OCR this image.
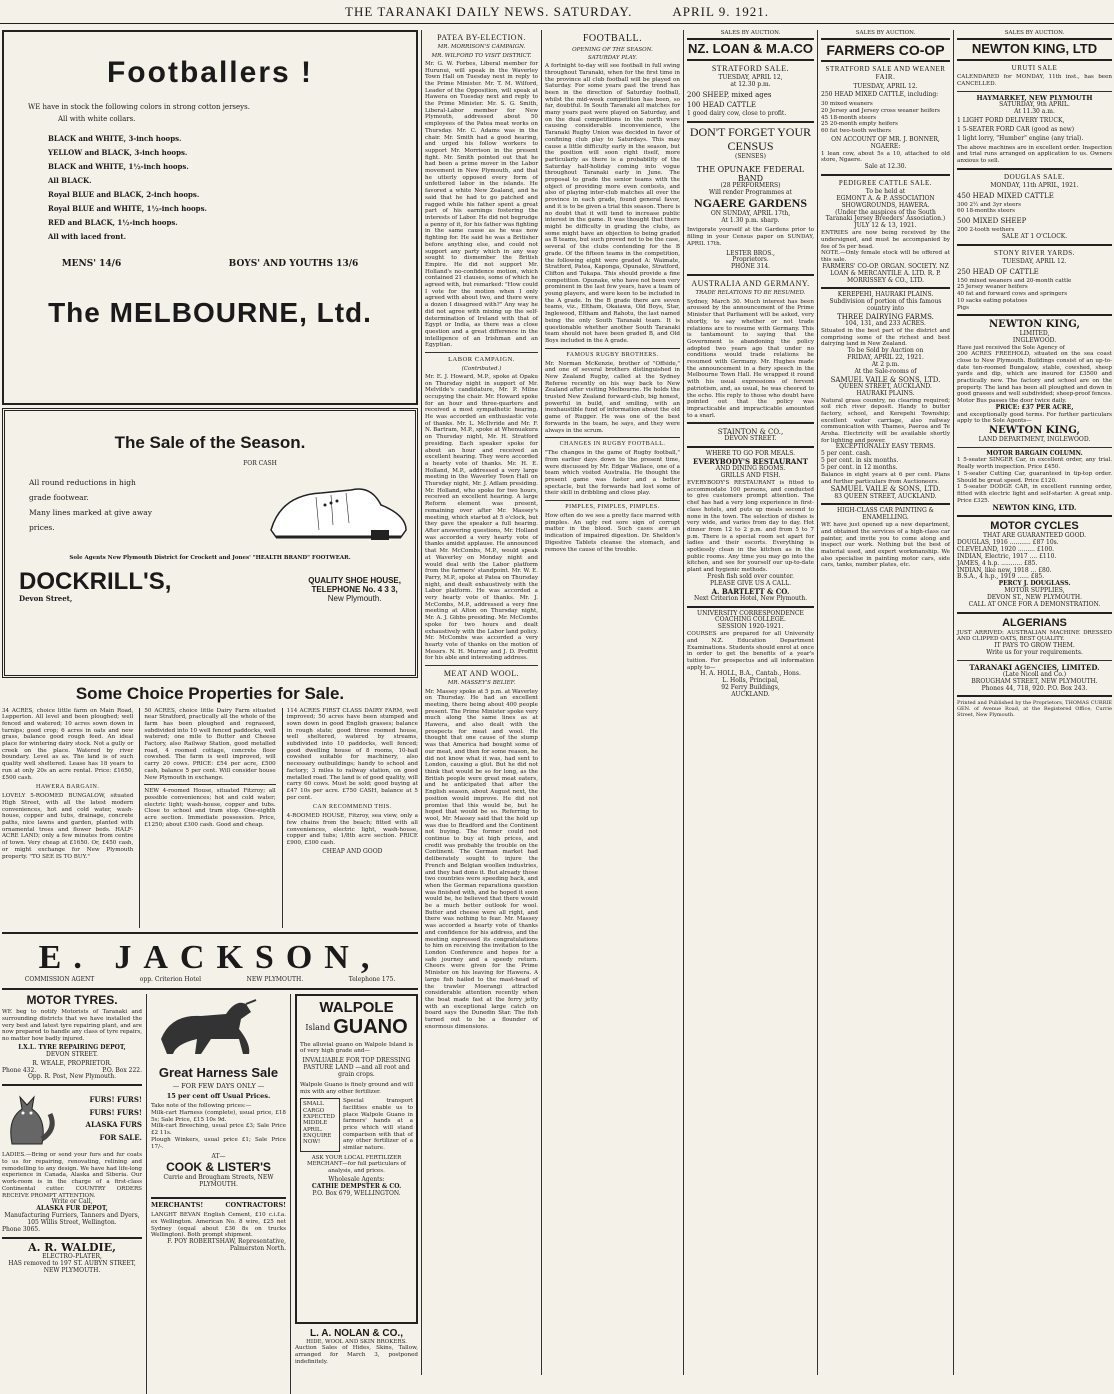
THE TARANAKI DAILY NEWS. SATURDAY.	APRIL 9. 1921.
Footballers !
WE have in stock the following colors in strong cotton jerseys.
All with white collars.
BLACK and WHITE, 3-inch hoops.
YELLOW and BLACK, 3-inch hoops.
BLACK and WHITE, 1½-inch hoops.
All BLACK.
Royal BLUE and BLACK, 2-inch hoops.
Royal BLUE and WHITE, 1½-inch hoops.
RED and BLACK, 1½-inch hoops.
All with laced front.
MENS' 14/6	BOYS' AND YOUTHS 13/6
The MELBOURNE, Ltd.
The Sale of the Season.
FOR CASH
All round reductions in high
grade footwear.
Many lines marked at give away
prices.
Sole Agents New Plymouth District for Crockett and Jones' "HEALTH BRAND" FOOTWEAR.
DOCKRILL'S,
Devon Street,
QUALITY SHOE HOUSE,
TELEPHONE No. 4 3 3,
New Plymouth.
Some Choice Properties for Sale.
34 ACRES, choice little farm on Main Road, Lepperton. All level and been ploughed; well fenced and watered; 10 acres sown down in turnips; good crop; 6 acres in oats and new grass, balance good rough feed. An ideal place for wintering dairy stock. Not a gully or creek on the place. Watered by river boundary. Level as as. The land is of such quality well sheltered. Lease has 18 years to run at only 20s an acre rental. Price: £1650, £500 cash.
HAWERA BARGAIN.
LOVELY 5-ROOMED BUNGALOW, situated High Street, with all the latest modern conveniences, hot and cold water, wash-house, copper and tubs, drainage, concrete paths, nice lawns and garden, planted with ornamental trees and flower beds. HALF-ACRE LAND; only a few minutes from centre of town. Very cheap at £1650. Or, £450 cash, or might exchange for New Plymouth property. "TO SEE IS TO BUY."
50 ACRES, choice little Dairy Farm situated near Stratford, practically all the whole of the farm has been ploughed and regrassed, subdivided into 10 well fenced paddocks, well watered; one mile to Butter and Cheese Factory, also Railway Station, good metalled road, 4 roomed cottage, concrete floor cowshed. The farm is well improved, will carry 20 cows. PRICE: £54 per acre, £500 cash, balance 5 per cent. Will consider house New Plymouth in exchange.
NEW 4-roomed House, situated Fitzroy; all possible conveniences; hot and cold water; electric light; wash-house, copper and tubs. Close to school and tram stop. One-eighth acre section. Immediate possession. Price, £1250; about £300 cash. Good and cheap.
114 ACRES FIRST CLASS DAIRY FARM, well improved; 50 acres have been stumped and sown down in good English grasses; balance in rough state; good three roomed house, well sheltered, watered by streams, subdivided into 10 paddocks, well fenced; good dwelling house of 8 rooms, 10-bail cowshed suitable for machinery, also necessary outbuildings; handy to school and factory; 3 miles to railway station, on good metalled road. The land is of good quality, will carry 60 cows. Must be sold; good buying at £47 10s per acre. £750 CASH, balance at 5 per cent.
CAN RECOMMEND THIS.
4-ROOMED HOUSE, Fitzroy, sea view, only a few chains from the beach; fitted with all conveniences, electric light, wash-house, copper and tubs; 1/8th acre section. PRICE £900, £300 cash.
CHEAP AND GOOD
E. JACKSON,
COMMISSION AGENT	opp. Criterion Hotel	NEW PLYMOUTH.	Telephone 175.
MOTOR TYRES.
WE beg to notify Motorists of Taranaki and surrounding districts that we have installed the very best and latest tyre repairing plant, and are now prepared to handle any class of tyre repairs, no matter how badly injured.
I.X.L. TYRE REPAIRING DEPOT,
DEVON STREET.
R. WEALE, PROPRIETOR.
Phone 432.	P.O. Box 222.
Opp. R. Post, New Plymouth.
FURS! FURS!
FURS! FURS!
ALASKA FURS
FOR SALE.
LADIES.—Bring or send your furs and fur coats to us for repairing, renovating, relining and remodelling to any design. We have had life-long experience in Canada, Alaska and Siberia. Our work-room is in the charge of a first-class Continental cutter. COUNTRY ORDERS RECEIVE PROMPT ATTENTION.
Write or Call,
ALASKA FUR DEPOT,
Manufacturing Furriers, Tanners and Dyers,
105 Willis Street, Wellington.
Phone 3065.
A. R. WALDIE,
ELECTRO-PLATER,
HAS removed to 197 ST. AUBYN STREET, NEW PLYMOUTH.
Great Harness Sale
— FOR FEW DAYS ONLY —
15 per cent off Usual Prices.
Take note of the following prices:—
Milk-cart Harness (complete), usual price, £18 5s; Sale Price, £15 10s 9d.
Milk-cart Breeching, usual price £3; Sale Price £2 11s.
Plough Winkers, usual price £1; Sale Price 17/-.
AT—
COOK & LISTER'S
Currie and Brougham Streets, NEW PLYMOUTH.
MERCHANTS!	CONTRACTORS!
LANGHT BEVAN English Cement, £10 c.i.f.a. ex Wellington. American No. 8 wire, £25 net Sydney (equal about £36 8s on trucks Wellington). Both prompt shipment.
F. POY ROBERTSHAW, Representative, Palmerston North.
WALPOLE
Island GUANO
The alluvial guano on Walpole Island is of very high grade and—
INVALUABLE FOR TOP DRESSING PASTURE LAND —and all root and grain crops.
Walpole Guano is finely ground and will mix with any other fertilizer.
SMALL CARGO EXPECTED MIDDLE APRIL. ENQUIRE NOW!
Special transport facilities enable us to place Walpole Guano in farmers' hands at a price which will stand comparison with that of any other fertilizer of a similar nature.
ASK YOUR LOCAL FERTILIZER MERCHANT—for full particulars of analysis, and prices.
Wholesale Agents:
CATHIE DEMPSTER & CO.
P.O. Box 679, WELLINGTON.
L. A. NOLAN & CO.,
HIDE, WOOL AND SKIN BROKERS.
Auction Sales of Hides, Skins, Tallow, arranged for March 3, postponed indefinitely.
PATEA BY-ELECTION.
MR. MORRISON'S CAMPAIGN.
MR. WILFORD TO VISIT DISTRICT.
Mr. G. W. Forbes, Liberal member for Hurunui, will speak in the Waverley Town Hall on Tuesday next in reply to the Prime Minister. Mr. T. M. Wilford, Leader of the Opposition, will speak at Hawera on Tuesday next and reply to the Prime Minister. Mr. S. G. Smith, Liberal-Labor member for New Plymouth, addressed about 50 employees of the Patea meat works on Thursday. Mr. C. Adams was in the chair. Mr. Smith had a good hearing, and urged his follow workers to support Mr. Morrison in the present fight. Mr. Smith pointed out that he had been a prime mover in the Labor movement in New Plymouth, and that he utterly opposed every form of unfettered labor in the islands. He favored a white New Zealand, and he said that he had to go patched and ragged while his father spent a great part of his earnings fostering the interests of Labor. He did not begrudge a penny of it, for his father was fighting in the same cause as he was now fighting for. He said he was a Britisher before anything else, and could not support any party which in any way sought to dismember the British Empire. He did not support Mr. Holland's no-confidence motion, which contained 21 clauses, some of which he agreed with, but remarked: "How could I vote for the motion when I only agreed with about two, and there were a dozen I disagreed with?" Any way he did not agree with mixing up the self-determination of Ireland with that of Egypt or India, as there was a close question and a great difference in the intelligence of an Irishman and an Egyptian.
LABOR CAMPAIGN.
(Contributed.)
Mr. E. J. Howard, M.P., spoke at Opaku on Thursday night in support of Mr. Melvilde's candidature, Mr. P. Milne occupying the chair. Mr. Howard spoke for an hour and three-quarters and received a most sympathetic hearing. He was accorded an enthusiastic vote of thanks. Mr. L. McIlvride and Mr. F. N. Bartram, M.P., spoke at Whenuakura on Thursday night, Mr. H. Stratford presiding. Each speaker spoke for about an hour and received an excellent hearing. They were accorded a hearty vote of thanks. Mr. H. E. Holland, M.P., addressed a very large meeting in the Waverley Town Hall on Thursday night, Mr. J. Adlam presiding. Mr. Holland, who spoke for two hours, received an excellent hearing. A large Reform element was present, remaining over after Mr. Massey's meeting, which started at 5 o'clock, but they gave the speaker a full hearing. After answering questions, Mr. Holland was accorded a very hearty vote of thanks amidst applause. He announced that Mr. McCombs, M.P., would speak at Waverley on Monday night and would deal with the Labor platform from the farmers' standpoint. Mr. W. E. Parry, M.P., spoke at Patea on Thursday night, and dealt exhaustively with the Labor platform. He was accorded a very hearty vote of thanks. Mr. J. McCombs, M.P., addressed a very fine meeting at Alton on Thursday night, Mr. A. J. Gibbs presiding. Mr. McCombs spoke for two hours and dealt exhaustively with the Labor land policy. Mr. McCombs was accorded a very hearty vote of thanks on the motion of Messrs. N. H. Murray and J. D. Proffitt for his able and interesting address.
MEAT AND WOOL.
MR. MASSEY'S BELIEF.
Mr. Massey spoke at 5 p.m. at Waverley on Thursday. He had an excellent meeting, there being about 400 people present. The Prime Minister spoke very much along the same lines as at Hawera, and also dealt with the prospects for meat and wool. He thought that one cause of the slump was that America had bought some of our meat, and then for some reason, he did not know what it was, had sent to London, causing a glut. But he did not think that would be so for long, as the British people were great meat eaters, and he anticipated that after the English season, about August next, the position would improve. He did not promise that this would be, but he hoped that would be so. Referring to wool, Mr. Massey said that the hold up was due to Bradford and the Continent not buying. The former could not continue to buy at high prices, and credit was probably the trouble on the Continent. The German market had deliberately sought to injure the French and Belgian woollen industries, and they had done it. But already those two countries were speeding back, and when the German reparations question was finished with, and he hoped it soon would be, he believed that there would be a much better outlook for wool. Butter and cheese were all right, and there was nothing to fear. Mr. Massey was accorded a hearty vote of thanks and confidence for his address, and the meeting expressed its congratulations to him on receiving the invitation to the London Conference and hopes for a safe journey and a speedy return. Cheers were given for the Prime Minister on his leaving for Hawera. A large fish hailed to the mast-head of the trawler Moerangi attracted considerable attention recently when the boat made fast at the ferry jetty with an exceptional large catch on board says the Dunedin Star. The fish turned out to be a flounder of enormous dimensions.
FOOTBALL.
OPENING OF THE SEASON.
SATURDAY PLAY.
A fortnight to-day will see football in full swing throughout Taranaki, when for the first time in the province all club football will be played on Saturday. For some years past the trend has been in the direction of Saturday football, whilst the mid-week competition has been, so far, doubtful. In South Taranaki all matches for many years past were played on Saturday, and on the dual competitions in the north were causing considerable inconvenience, the Taranaki Rugby Union was decided in favor of confining club play to Saturdays. This may cause a little difficulty early in the season, but the position will soon right itself, more particularly as there is a probability of the Saturday half-holiday coming into vogue throughout Taranaki early in June. The proposal to grade the senior teams with the object of providing more even contests, and also of playing inter-club matches all over the province in each grade, found general favor, and it is to be given a trial this season. There is no doubt that it will tend to increase public interest in the game. It was thought that there might be difficulty in grading the clubs, as some might have an objection to being graded as B teams, but such proved not to be the case, several of the clubs contending for the B grade. Of the fifteen teams in the competition, the following eight were graded A: Waimate, Stratford, Patea, Kaponga, Opunake, Stratford, Clifton and Tukapa. This should provide a fine competition. Opunake, who have not been very prominent in the last few years, have a team of young players, and were keen to be included in the A grade. In the B grade there are seven teams, viz., Eltham, Okaiawa, Old Boys, Star, Inglewood, Eltham and Rahotu, the last named being the only South Taranaki team. It is questionable whether another South Taranaki team should not have been graded B, and Old Boys included in the A grade.
FAMOUS RUGBY BROTHERS.
Mr. Norman McKenzie, brother of "Offside," and one of several brothers distinguished in New Zealand Rugby, called at the Sydney Referee recently on his way back to New Zealand after visiting Melbourne. He holds the trusted New Zealand forward-club, big honest, powerful in build, and smiling, with an inexhaustible fund of information about the old game of Rugger. He was one of the best forwards in the team, he says, and they were always in the scrum.
CHANGES IN RUGBY FOOTBALL.
"The changes in the game of Rugby football," from earlier days down to the present time, were discussed by Mr. Edgar Wallace, one of a team which visited Australia. He thought the present game was faster and a better spectacle, but the forwards had lost some of their skill in dribbling and close play.
PIMPLES, PIMPLES, PIMPLES.
How often do we see a pretty face marred with pimples. An ugly red sore sign of corrupt matter in the blood. Such cases are an indication of impaired digestion. Dr. Sheldon's Digestive Tablets cleanse the stomach, and remove the cause of the trouble.
SALES BY AUCTION.
NZ. LOAN & M.A.CO
STRATFORD SALE.
TUESDAY, APRIL 12,
at 12.30 p.m.
200 SHEEP, mixed ages
100 HEAD CATTLE
1 good dairy cow, close to profit.
DON'T FORGET YOUR CENSUS
(SENSES)
THE OPUNAKE FEDERAL BAND
(28 PERFORMERS)
Will render Programmes at
NGAERE GARDENS
ON SUNDAY, APRIL 17th,
At 1.30 p.m. sharp.
Invigorate yourself at the Gardens prior to filling in your Census paper on SUNDAY, APRIL 17th.
LESTER BROS.,
Proprietors.
PHONE 314.
AUSTRALIA AND GERMANY.
TRADE RELATIONS TO BE RESUMED.
Sydney, March 30. Much interest has been aroused by the announcement of the Prime Minister that Parliament will be asked, very shortly, to say whether or not trade relations are to resume with Germany. This is tantamount to saying that the Government is abandoning the policy adopted two years ago that under no conditions would trade relations be resumed with Germany. Mr. Hughes made the announcement in a fiery speech in the Melbourne Town Hall. He wrapped it round with his usual expressions of fervent patriotism, and, as usual, he was cheered to the echo. His reply to those who doubt have pointed out that the policy was impracticable and impracticable amounted to a snarl.
STAINTON & CO.,
DEVON STREET.
WHERE TO GO FOR MEALS.
EVERYBODY'S RESTAURANT
AND DINING ROOMS.
GRILLS AND FISH.
EVERYBODY'S RESTAURANT is fitted to accommodate 100 persons, and conducted to give customers prompt attention. The chef has had a very long experience in first-class hotels, and puts up meals second to none in the town. The selection of dishes is very wide, and varies from day to day. Hot dinner from 12 to 2 p.m. and from 5 to 7 p.m. There is a special room set apart for ladies and their escorts. Everything is spotlessly clean in the kitchen as in the public rooms. Any time you may go into the kitchen, and see for yourself our up-to-date plant and hygienic methods.
Fresh fish sold over counter.
PLEASE GIVE US A CALL.
A. BARTLETT & CO.
Next Criterion Hotel, New Plymouth.
UNIVERSITY CORRESPONDENCE COACHING COLLEGE.
SESSION 1920-1921.
COURSES are prepared for all University and N.Z. Education Department Examinations. Students should enrol at once in order to get the benefits of a year's tuition. For prospectus and all information apply to—
H. A. HOLL, B.A., Cantab., Hons.
L. Holls, Principal,
92 Ferry Buildings,
AUCKLAND.
SALES BY AUCTION.
FARMERS CO-OP
STRATFORD SALE AND WEANER FAIR.
TUESDAY, APRIL 12.
250 HEAD MIXED CATTLE, including:
30 mixed weaners
20 Jersey and Jersey cross weaner heifers
45 18-month steers
25 20-month empty heifers
60 fat two-tooth wethers
ON ACCOUNT OF MR. J. BONNER, NGAERE:
1 lean cow, about 5s a 10, attached to old store, Ngaere.
Sale at 12.30.
PEDIGREE CATTLE SALE.
To be held at
EGMONT A. & P. ASSOCIATION SHOWGROUNDS, HAWERA.
(Under the auspices of the South Taranaki Jersey Breeders' Association.)
JULY 12 & 13, 1921.
ENTRIES are now being received by the undersigned, and must be accompanied by fee of 5s per head.
NOTE.—Only female stock will be offered at this sale.
FARMERS' CO-OP. ORGAN. SOCIETY. NZ LOAN & MERCANTILE A. LTD. R. P. MORRISSEY & CO., LTD.
KEREPEHI, HAURAKI PLAINS.
Subdivision of portion of this famous country into
THREE DAIRYING FARMS.
104, 131, and 233 ACRES.
Situated in the best part of the district and comprising some of the richest and best dairying land in New Zealand.
To be Sold by Auction on
FRIDAY, APRIL 22, 1921.
At 2 p.m.
At the Sale-rooms of
SAMUEL VAILE & SONS, LTD.
QUEEN STREET, AUCKLAND.
HAURAKI PLAINS.
Natural grass country, no clearing required; soil rich river deposit. Handy to butter factory, school, and Kerepehi Township; excellent water carriage, also railway communication with Thames, Paeroa and Te Aroha. Electricity will be available shortly for lighting and power.
EXCEPTIONALLY EASY TERMS.
5 per cent. cash.
5 per cent. in six months.
5 per cent. in 12 months.
Balance in eight years at 6 per cent. Plans and further particulars from Auctioneers.
SAMUEL VAILE & SONS, LTD.
83 QUEEN STREET, AUCKLAND.
HIGH-CLASS CAR PAINTING & ENAMELLING.
WE have just opened up a new department, and obtained the services of a high-class car painter, and invite you to come along and inspect our work. Nothing but the best of material used, and expert workmanship. We also specialise in painting motor cars, side cars, tanks, number plates, etc.
SALES BY AUCTION.
NEWTON KING, LTD
URUTI SALE
CALENDARED for MONDAY, 11th inst., has been CANCELLED.
HAYMARKET, NEW PLYMOUTH
SATURDAY, 9th APRIL.
At 11.30 a.m.
1 LIGHT FORD DELIVERY TRUCK,
1 5-SEATER FORD CAR (good as new)
1 light lorry, "Humber" engine (any trial).
The above machines are in excellent order. Inspection and trial runs arranged on application to us. Owners anxious to sell.
DOUGLAS SALE.
MONDAY, 11th APRIL, 1921.
450 HEAD MIXED CATTLE
300 2½ and 3yr steers
60 18-months steers
500 MIXED SHEEP
200 2-tooth wethers
SALE AT 1 O'CLOCK.
STONY RIVER YARDS.
TUESDAY, APRIL 12.
250 HEAD OF CATTLE
150 mixed weaners and 20-month cattle
25 Jersey weaner heifers
40 fat and forward cows and springers
10 sacks eating potatoes
Pigs
NEWTON KING,
LIMITED,
INGLEWOOD.
Have just received the Sole Agency of
200 ACRES FREEHOLD, situated on the sea coast close to New Plymouth. Buildings consist of an up-to-date ten-roomed Bungalow, stable, cowshed, sheep yards and dip, which are insured for £3500 and practically new. The factory and school are on the property. The land has been all ploughed and down in good grasses and well subdivided; sheep-proof fences. Motor Bus passes the door twice daily.
PRICE: £37 PER ACRE,
and exceptionally good terms. For further particulars apply to the Sole Agents—
NEWTON KING,
LAND DEPARTMENT, INGLEWOOD.
MOTOR BARGAIN COLUMN.
1 5-seater SINGER Car, in excellent order, any trial. Really worth inspection. Price £450.
1 5-seater Cutting Car, guaranteed in tip-top order. Should be great speed. Price £120.
1 5-seater DODGE CAR, in excellent running order, fitted with electric light and self-starter. A great snip. Price £325.
NEWTON KING, LTD.
MOTOR CYCLES
THAT ARE GUARANTEED GOOD.
DOUGLAS, 1916 ........... £87 10s.
CLEVELAND, 1920 ......... £100.
INDIAN, Electric, 1917 .... £110.
JAMES, 4 h.p. ........... £85.
INDIAN, like new, 1918 ... £80.
B.S.A., 4 h.p., 1919 ...... £85.
PERCY J. DOUGLASS.
MOTOR SUPPLIES,
DEVON ST., NEW PLYMOUTH.
CALL AT ONCE FOR A DEMONSTRATION.
ALGERIANS
JUST ARRIVED: AUSTRALIAN MACHINE DRESSED AND CLIPPED OATS, BEST QUALITY.
IT PAYS TO GROW THEM.
Write us for your requirements.
TARANAKI AGENCIES, LIMITED.
(Late Nicoll and Co.)
BROUGHAM STREET, NEW PLYMOUTH.
Phones 44, 718, 920. P.O. Box 243.
Printed and Published by the Proprietors, THOMAS CURRIE GEN. of Avenue Road, at the Registered Office, Currie Street, New Plymouth.
